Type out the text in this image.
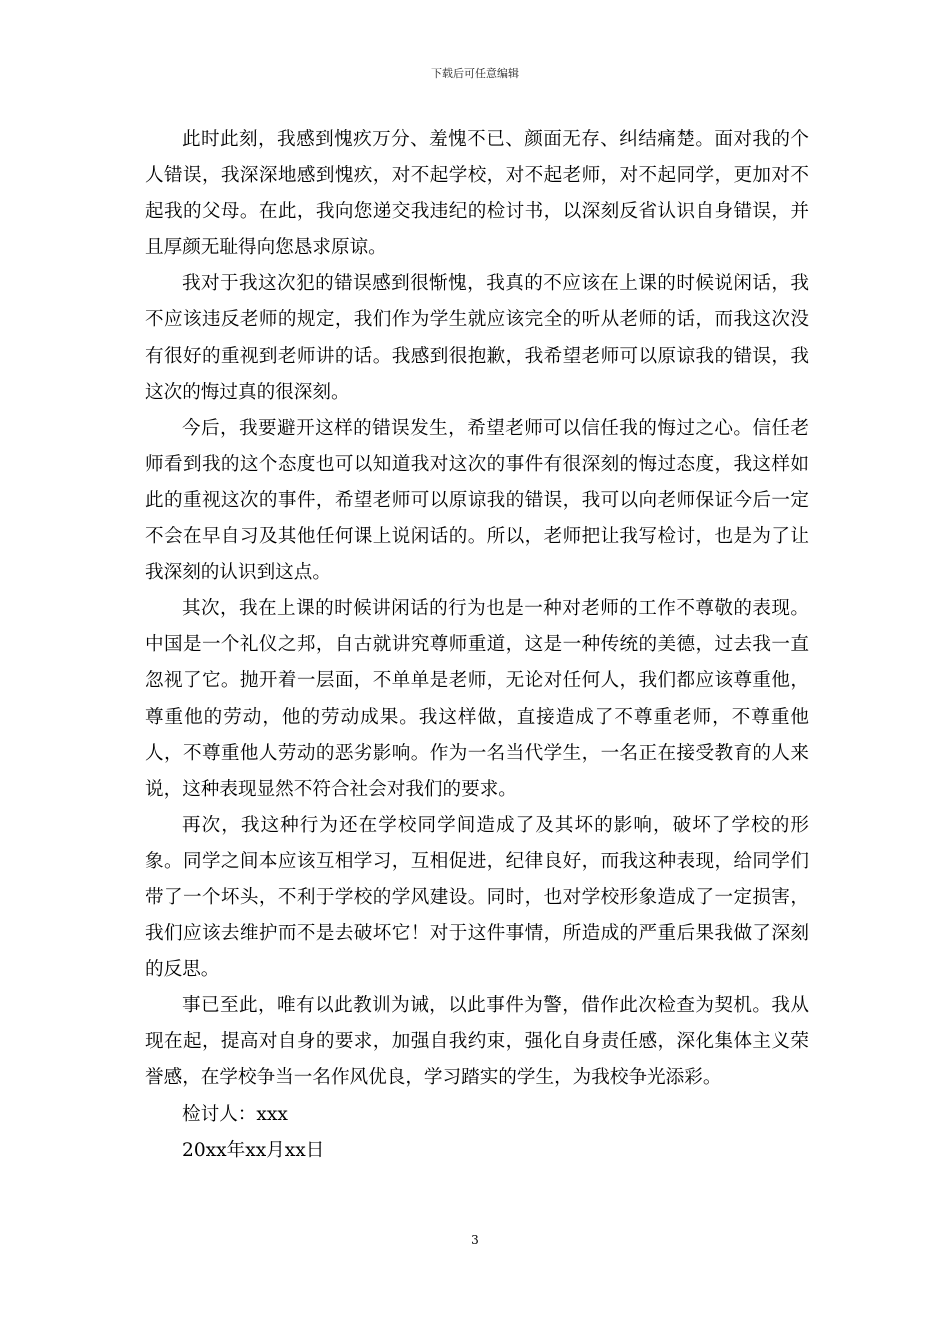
下载后可任意编辑

此时此刻，我感到愧疚万分、羞愧不已、颜面无存、纠结痛楚。面对我的个人错误，我深深地感到愧疚，对不起学校，对不起老师，对不起同学，更加对不起我的父母。在此，我向您递交我违纪的检讨书，以深刻反省认识自身错误，并且厚颜无耻得向您恳求原谅。

我对于我这次犯的错误感到很惭愧，我真的不应该在上课的时候说闲话，我不应该违反老师的规定，我们作为学生就应该完全的听从老师的话，而我这次没有很好的重视到老师讲的话。我感到很抱歉，我希望老师可以原谅我的错误，我这次的悔过真的很深刻。

今后，我要避开这样的错误发生，希望老师可以信任我的悔过之心。信任老师看到我的这个态度也可以知道我对这次的事件有很深刻的悔过态度，我这样如此的重视这次的事件，希望老师可以原谅我的错误，我可以向老师保证今后一定不会在早自习及其他任何课上说闲话的。所以，老师把让我写检讨，也是为了让我深刻的认识到这点。

其次，我在上课的时候讲闲话的行为也是一种对老师的工作不尊敬的表现。中国是一个礼仪之邦，自古就讲究尊师重道，这是一种传统的美德，过去我一直忽视了它。抛开着一层面，不单单是老师，无论对任何人，我们都应该尊重他，尊重他的劳动，他的劳动成果。我这样做，直接造成了不尊重老师，不尊重他人，不尊重他人劳动的恶劣影响。作为一名当代学生，一名正在接受教育的人来说，这种表现显然不符合社会对我们的要求。

再次，我这种行为还在学校同学间造成了及其坏的影响，破坏了学校的形象。同学之间本应该互相学习，互相促进，纪律良好，而我这种表现，给同学们带了一个坏头，不利于学校的学风建设。同时，也对学校形象造成了一定损害，我们应该去维护而不是去破坏它！对于这件事情，所造成的严重后果我做了深刻的反思。

事已至此，唯有以此教训为诫，以此事件为警，借作此次检查为契机。我从现在起，提高对自身的要求，加强自我约束，强化自身责任感，深化集体主义荣誉感，在学校争当一名作风优良，学习踏实的学生，为我校争光添彩。

检讨人：xxx

20xx年xx月xx日

3
